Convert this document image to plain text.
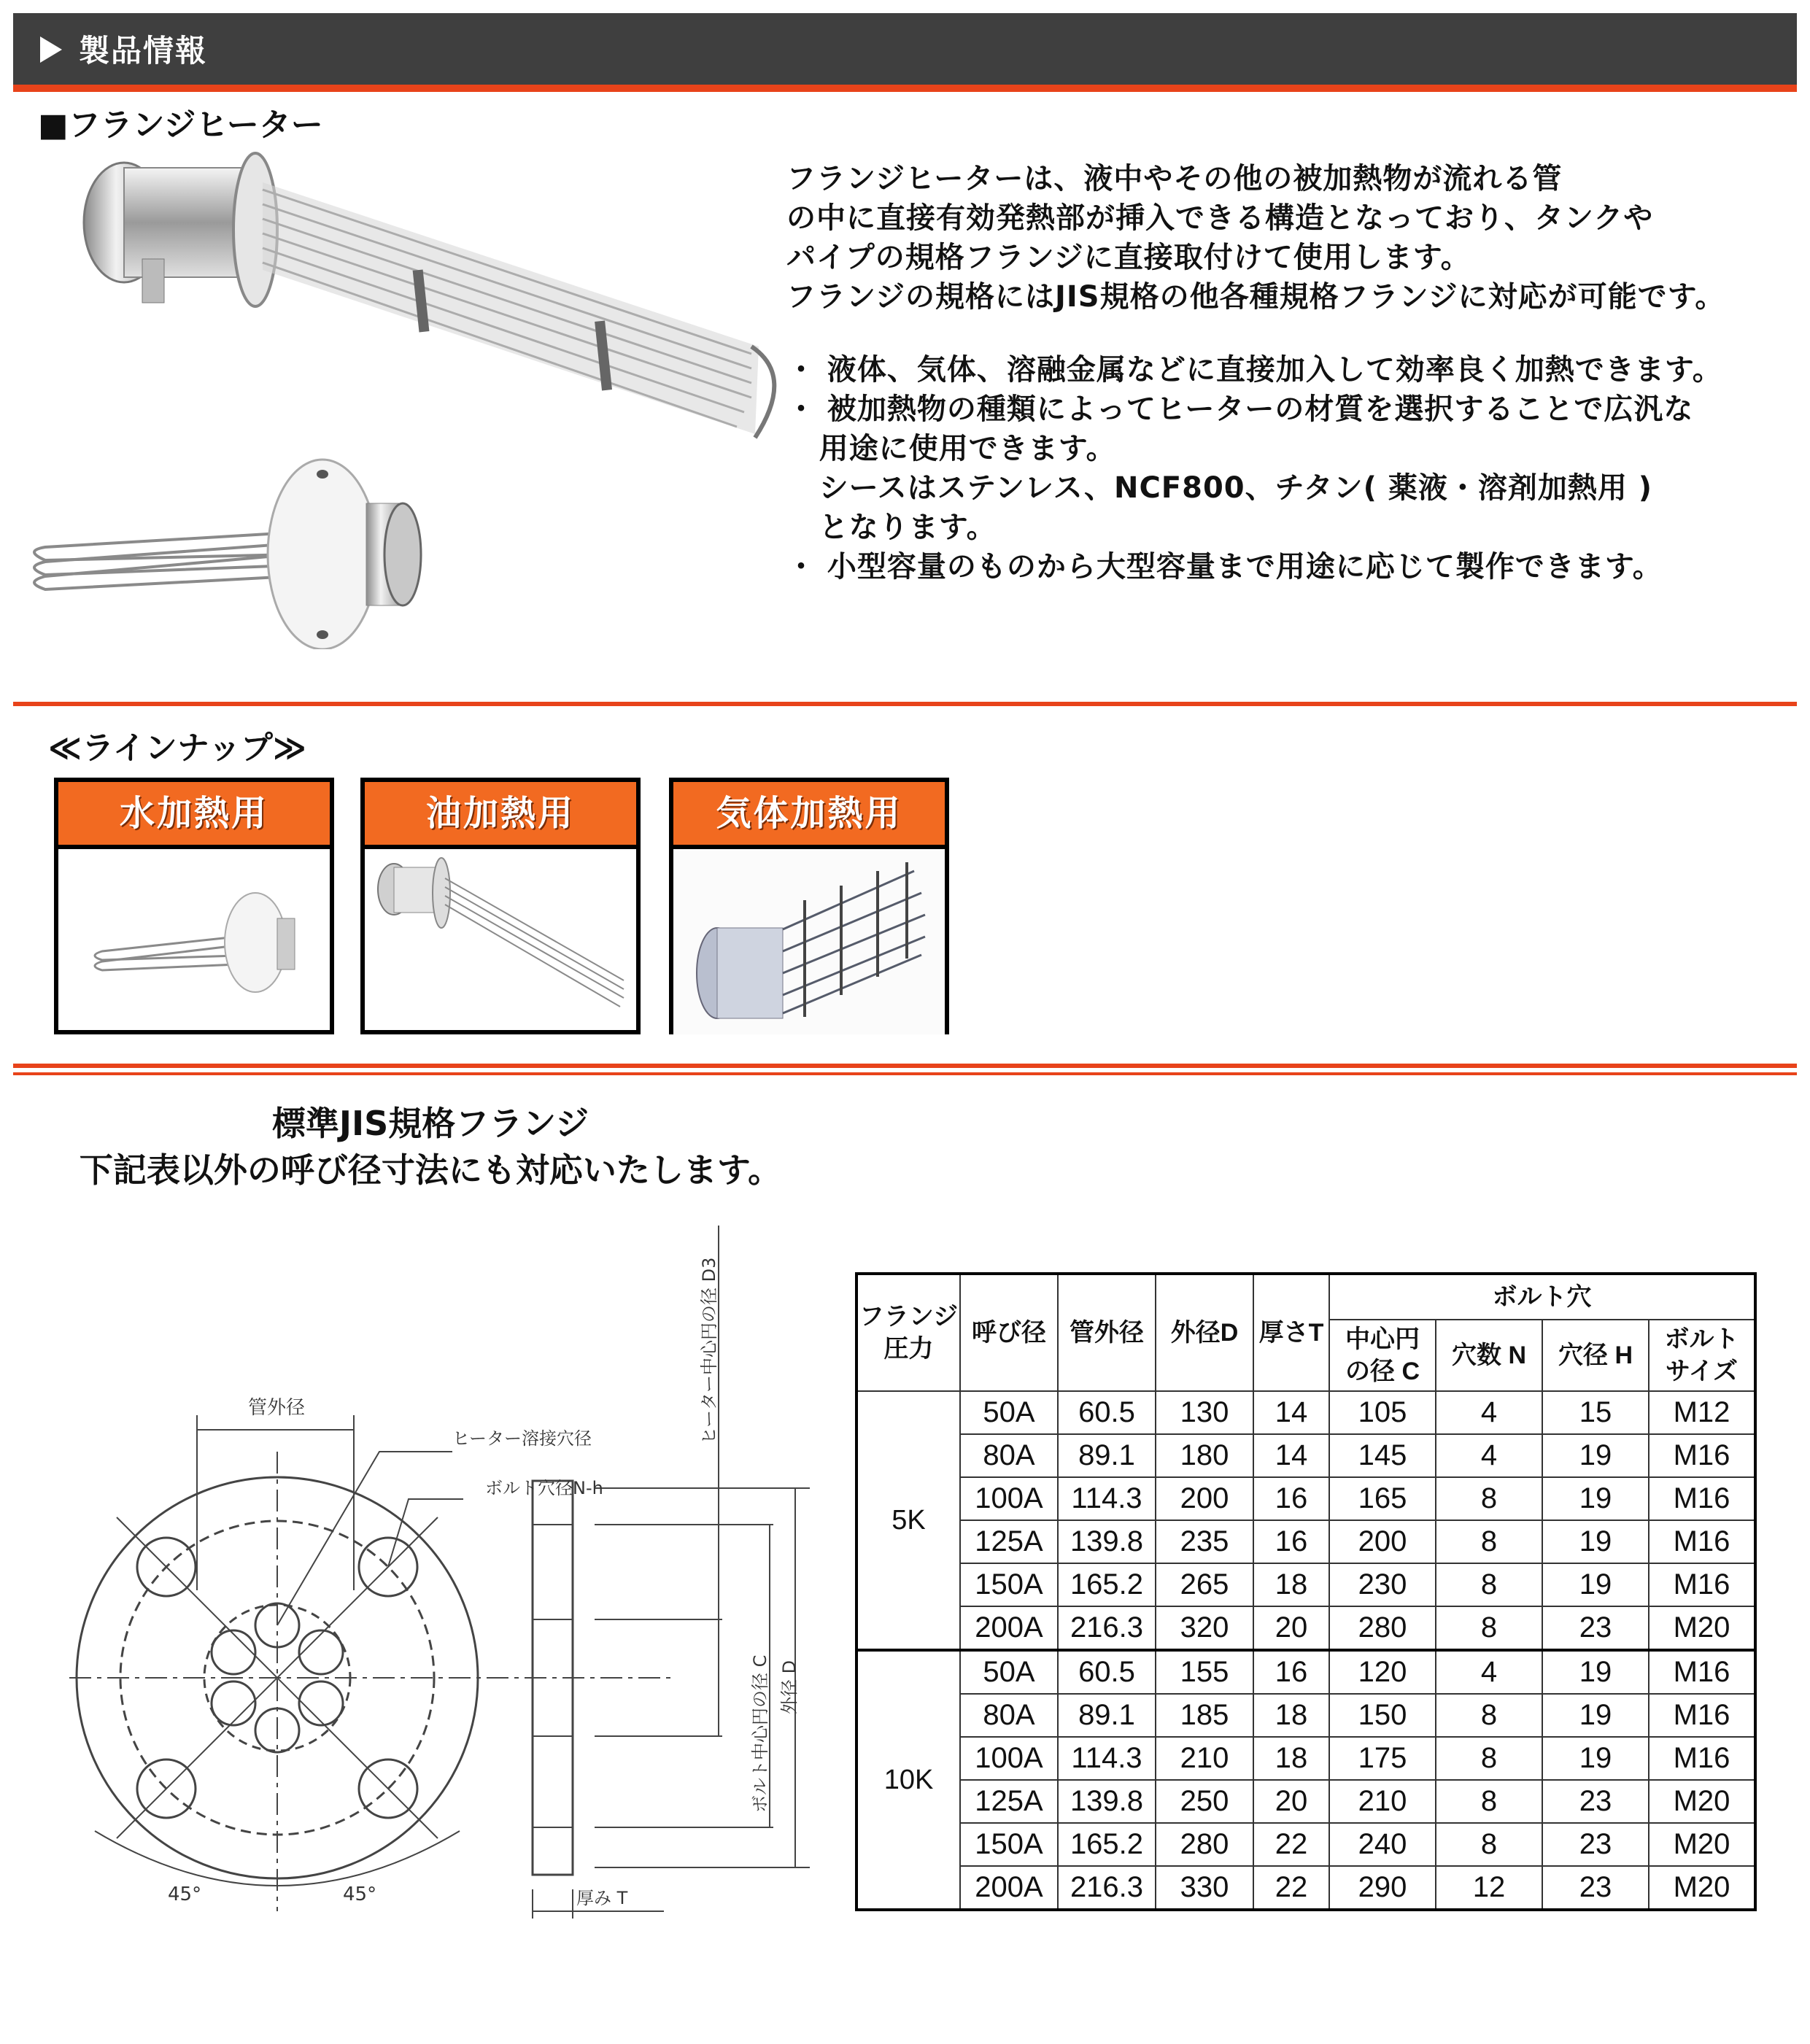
製品情報
■フランジヒーター
フランジヒーターは、液中やその他の被加熱物が流れる管
の中に直接有効発熱部が挿入できる構造となっており、タンクや
パイプの規格フランジに直接取付けて使用します。
フランジの規格にはJIS規格の他各種規格フランジに対応が可能です。
・ 液体、気体、溶融金属などに直接加入して効率良く加熱できます。
・ 被加熱物の種類によってヒーターの材質を選択することで広汎な
用途に使用できます。
シースはステンレス、NCF800、チタン( 薬液・溶剤加熱用 )
となります。
・ 小型容量のものから大型容量まで用途に応じて製作できます。
≪ラインナップ≫
水加熱用	油加熱用	気体加熱用
標準JIS規格フランジ
下記表以外の呼び径寸法にも対応いたします。
管外径
ヒーター溶接穴径
ボルト穴径N-h
ヒーター中心円の径 D3
ボルト中心円の径 C 外径 D
厚み T
45°	45°
フランジ
圧力	呼び径	管外径	外径D	厚さT	ボルト穴			
					中心円
の径 C	穴数 N	穴径 H	ボルト
サイズ
5K	50A	60.5	130	14	105	4	15	M12
	80A	89.1	180	14	145	4	19	M16
	100A	114.3	200	16	165	8	19	M16
	125A	139.8	235	16	200	8	19	M16
	150A	165.2	265	18	230	8	19	M16
	200A	216.3	320	20	280	8	23	M20
10K	50A	60.5	155	16	120	4	19	M16
	80A	89.1	185	18	150	8	19	M16
	100A	114.3	210	18	175	8	19	M16
	125A	139.8	250	20	210	8	23	M20
	150A	165.2	280	22	240	8	23	M20
	200A	216.3	330	22	290	12	23	M20
